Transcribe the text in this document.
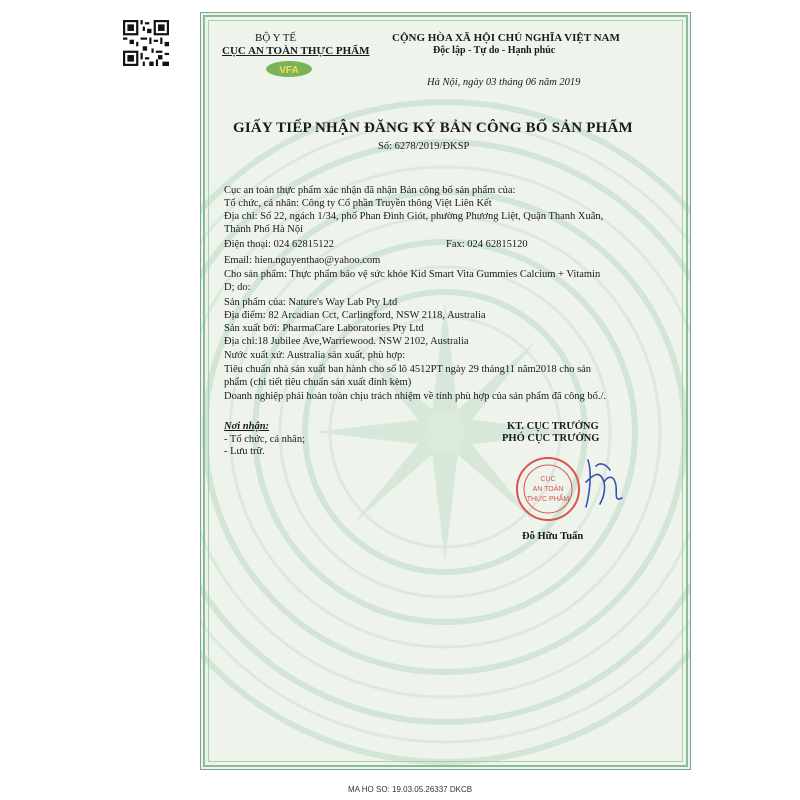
BỘ Y TẾ
CỤC AN TOÀN THỰC PHẨM
VFA
CỘNG HÒA XÃ HỘI CHỦ NGHĨA VIỆT NAM
Độc lập - Tự do - Hạnh phúc
Hà Nội, ngày 03 tháng 06 năm 2019
GIẤY TIẾP NHẬN ĐĂNG KÝ BẢN CÔNG BỐ SẢN PHẨM
Số: 6278/2019/ĐKSP
Cục an toàn thực phẩm xác nhận đã nhận Bản công bố sản phẩm của:
Tổ chức, cá nhân: Công ty Cổ phần Truyền thông Việt Liên Kết
Địa chỉ: Số 22, ngách 1/34, phố Phan Đình Giót, phường Phương Liệt, Quận Thanh Xuân,
Thành Phố Hà Nội
Điện thoại: 024 62815122	Fax: 024 62815120
Email: hien.nguyenthao@yahoo.com
Cho sản phẩm: Thực phẩm bảo vệ sức khỏe Kid Smart Vita Gummies Calcium + Vitamin
D; do:
Sản phẩm của: Nature's Way Lab Pty Ltd
Địa điểm: 82 Arcadian Cct, Carlingford, NSW 2118, Australia
Sản xuất bởi: PharmaCare Laboratories Pty Ltd
Địa chỉ:18 Jubilee Ave,Warriewood. NSW 2102, Australia
Nước xuất xứ: Australia sản xuất, phù hợp:
Tiêu chuẩn nhà sản xuất ban hành cho số lô 4512PT ngày 29 tháng11 năm2018 cho sản
phẩm (chi tiết tiêu chuẩn sản xuất đính kèm)
Doanh nghiệp phải hoàn toàn chịu trách nhiệm về tính phù hợp của sản phẩm đã công bố./.
Nơi nhận:
- Tổ chức, cá nhân;
- Lưu trữ.
KT. CỤC TRƯỞNG
PHÓ CỤC TRƯỞNG
CỤC
AN TOÀN
THỰC PHẨM
Đỗ Hữu Tuấn
MA HO SO: 19.03.05.26337 DKCB
